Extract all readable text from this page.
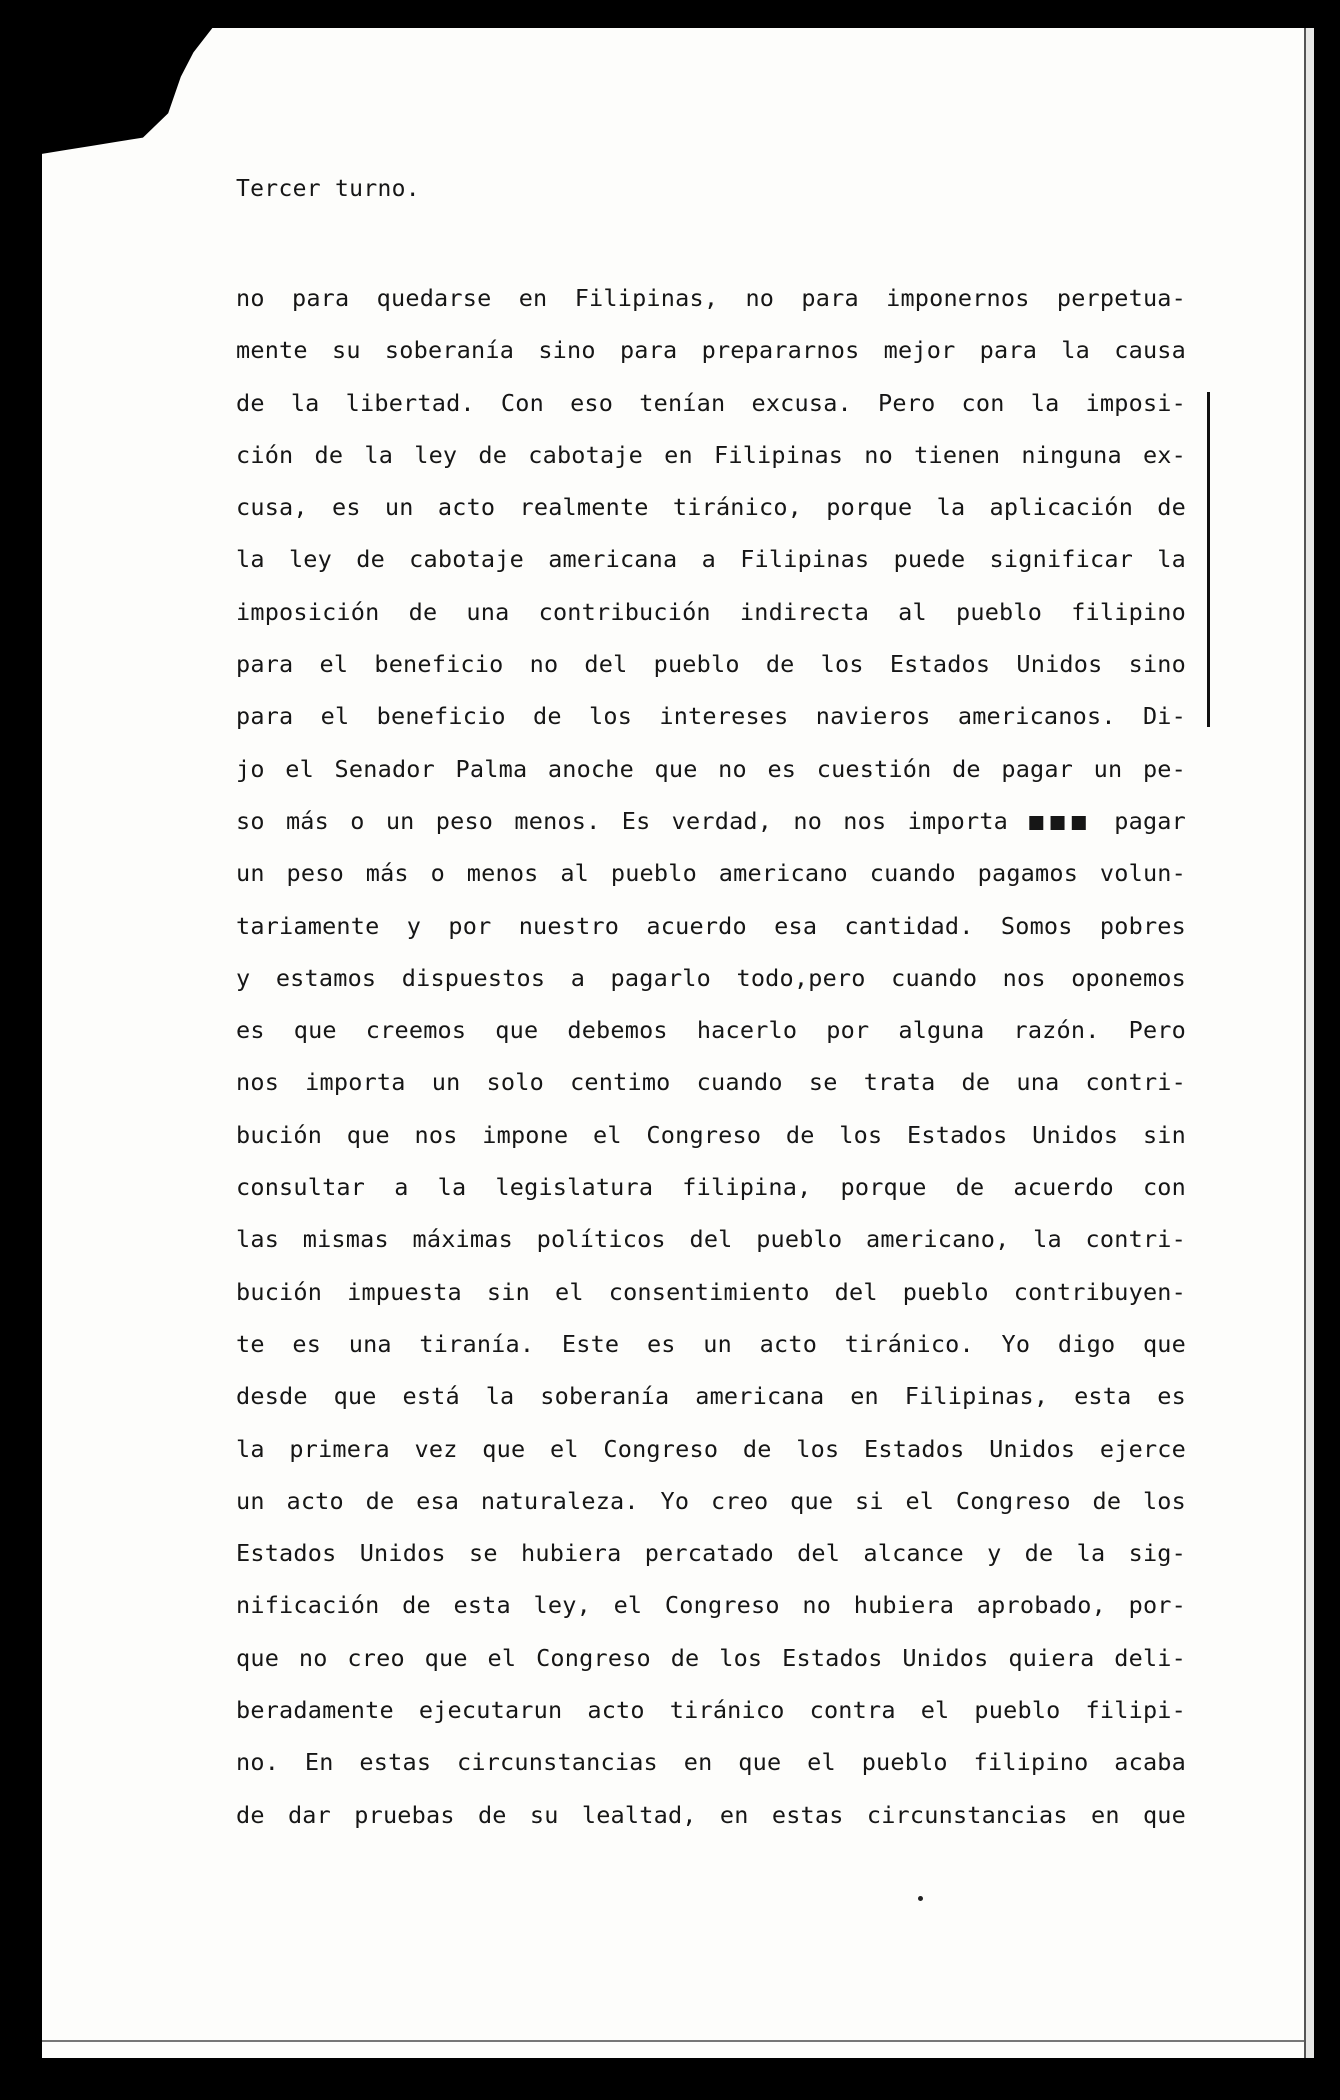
Tercer turno.
no para quedarse en Filipinas, no para imponernos perpetua-
mente su soberanía sino para prepararnos mejor para la causa
de la libertad. Con eso tenían excusa. Pero con la imposi-
ción de la ley de cabotaje en Filipinas no tienen ninguna ex-
cusa, es un acto realmente tiránico, porque la aplicación de
la ley de cabotaje americana a Filipinas puede significar la
imposición de una contribución indirecta al pueblo filipino
para el beneficio no del pueblo de los Estados Unidos sino
para el beneficio de los intereses navieros americanos. Di-
jo el Senador Palma anoche que no es cuestión de pagar un pe-
so más o un peso menos. Es verdad, no nos importa ■■■ pagar
un peso más o menos al pueblo americano cuando pagamos volun-
tariamente y por nuestro acuerdo esa cantidad. Somos pobres
y estamos dispuestos a pagarlo todo,pero cuando nos oponemos
es que creemos que debemos hacerlo por alguna razón. Pero
nos importa un solo centimo cuando se trata de una contri-
bución que nos impone el Congreso de los Estados Unidos sin
consultar a la legislatura filipina, porque de acuerdo con
las mismas máximas políticos del pueblo americano, la contri-
bución impuesta sin el consentimiento del pueblo contribuyen-
te es una tiranía. Este es un acto tiránico. Yo digo que
desde que está la soberanía americana en Filipinas, esta es
la primera vez que el Congreso de los Estados Unidos ejerce
un acto de esa naturaleza. Yo creo que si el Congreso de los
Estados Unidos se hubiera percatado del alcance y de la sig-
nificación de esta ley, el Congreso no hubiera aprobado, por-
que no creo que el Congreso de los Estados Unidos quiera deli-
beradamente ejecutarun acto tiránico contra el pueblo filipi-
no. En estas circunstancias en que el pueblo filipino acaba
de dar pruebas de su lealtad, en estas circunstancias en que
